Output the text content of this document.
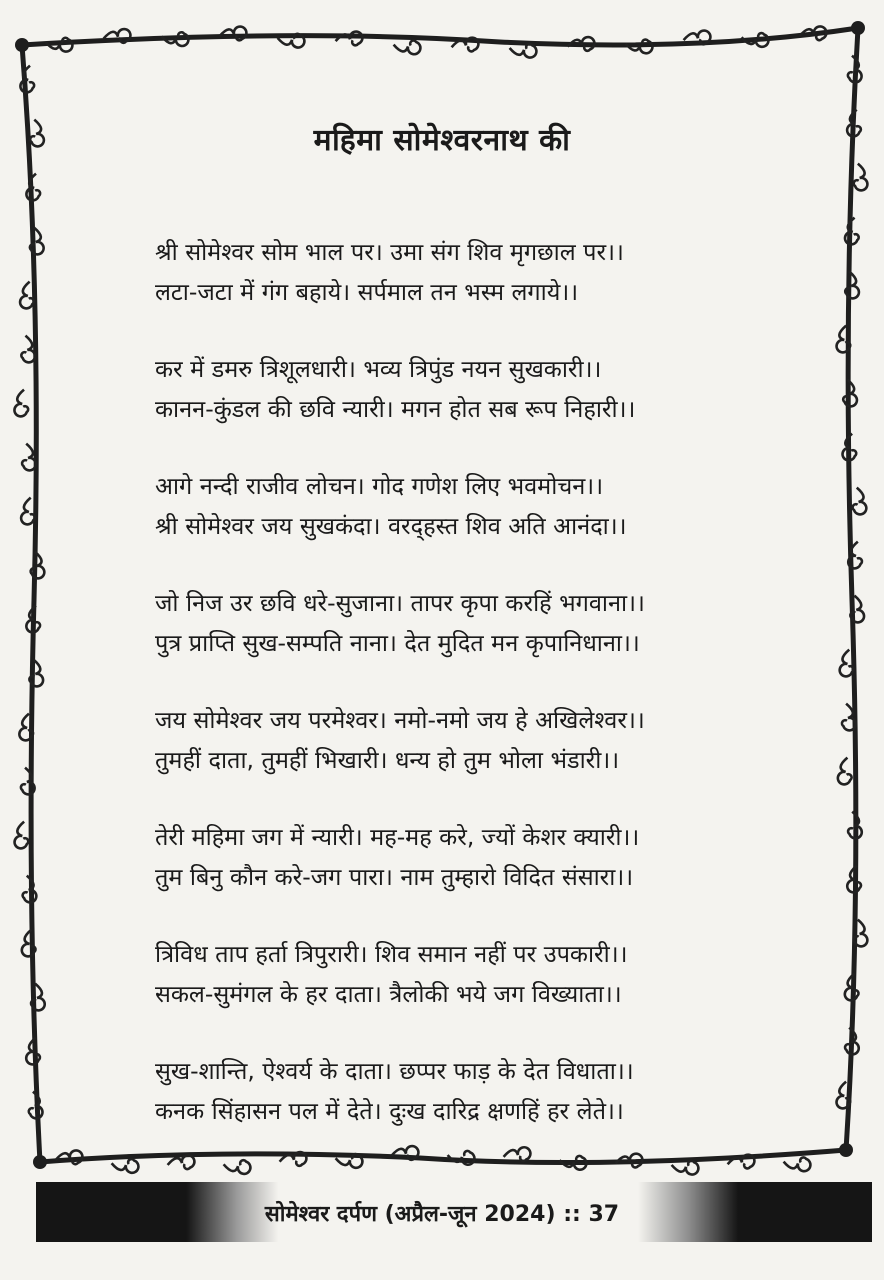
महिमा सोमेश्वरनाथ की
श्री सोमेश्वर सोम भाल पर। उमा संग शिव मृगछाल पर।।
लटा-जटा में गंग बहाये। सर्पमाल तन भस्म लगाये।।
कर में डमरु त्रिशूलधारी। भव्य त्रिपुंड नयन सुखकारी।।
कानन-कुंडल की छवि न्यारी। मगन होत सब रूप निहारी।।
आगे नन्दी राजीव लोचन। गोद गणेश लिए भवमोचन।।
श्री सोमेश्वर जय सुखकंदा। वरद्हस्त शिव अति आनंदा।।
जो निज उर छवि धरे-सुजाना। तापर कृपा करहिं भगवाना।।
पुत्र प्राप्ति सुख-सम्पति नाना। देत मुदित मन कृपानिधाना।।
जय सोमेश्वर जय परमेश्वर। नमो-नमो जय हे अखिलेश्वर।।
तुमहीं दाता, तुमहीं भिखारी। धन्य हो तुम भोला भंडारी।।
तेरी महिमा जग में न्यारी। मह-मह करे, ज्यों केशर क्यारी।।
तुम बिनु कौन करे-जग पारा। नाम तुम्हारो विदित संसारा।।
त्रिविध ताप हर्ता त्रिपुरारी। शिव समान नहीं पर उपकारी।।
सकल-सुमंगल के हर दाता। त्रैलोकी भये जग विख्याता।।
सुख-शान्ति, ऐश्वर्य के दाता। छप्पर फाड़ के देत विधाता।।
कनक सिंहासन पल में देते। दुःख दारिद्र क्षणहिं हर लेते।।
सोमेश्वर दर्पण (अप्रैल-जून 2024) :: 37
